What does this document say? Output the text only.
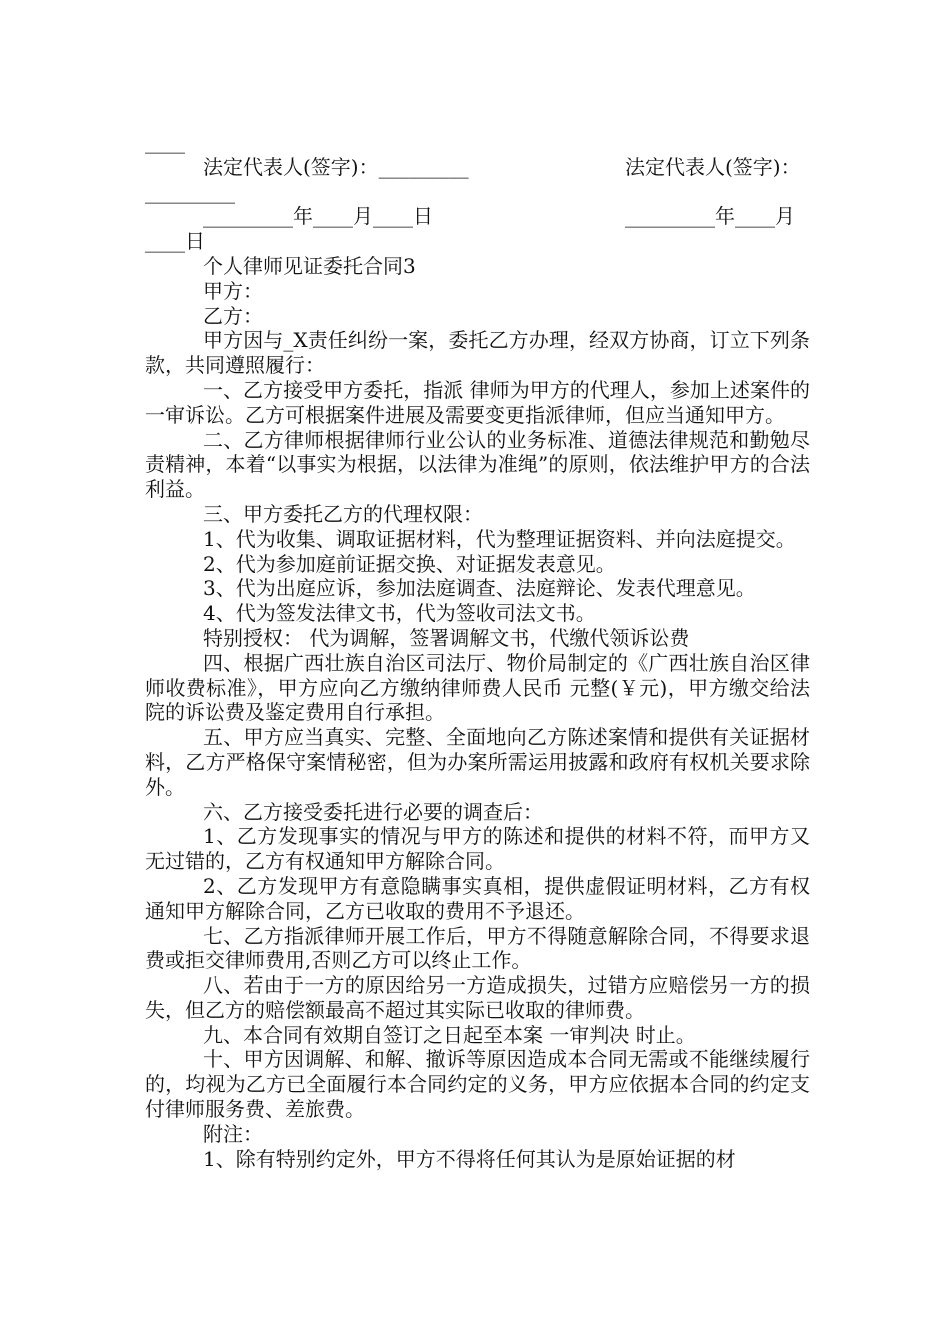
____

法定代表人(签字)：_________

	法定代表人(签字)：

_________

_________年____月____日

	_________年____月

____日
个人律师见证委托合同3
甲方：
乙方：

甲方因与_X责任纠纷一案，委托乙方办理，经双方协商，订立下列条款，共同遵照履行：

一、乙方接受甲方委托，指派 律师为甲方的代理人，参加上述案件的一审诉讼。乙方可根据案件进展及需要变更指派律师，但应当通知甲方。

二、乙方律师根据律师行业公认的业务标准、道德法律规范和勤勉尽责精神，本着“以事实为根据，以法律为准绳”的原则，依法维护甲方的合法利益。

三、甲方委托乙方的代理权限：

1、代为收集、调取证据材料，代为整理证据资料、并向法庭提交。

2、代为参加庭前证据交换、对证据发表意见。

3、代为出庭应诉，参加法庭调查、法庭辩论、发表代理意见。

4、代为签发法律文书，代为签收司法文书。

特别授权： 代为调解，签署调解文书，代缴代领诉讼费

四、根据广西壮族自治区司法厅、物价局制定的《广西壮族自治区律师收费标准》，甲方应向乙方缴纳律师费人民币 元整(￥元)，甲方缴交给法院的诉讼费及鉴定费用自行承担。

五、甲方应当真实、完整、全面地向乙方陈述案情和提供有关证据材料，乙方严格保守案情秘密，但为办案所需运用披露和政府有权机关要求除外。

六、乙方接受委托进行必要的调查后：

1、乙方发现事实的情况与甲方的陈述和提供的材料不符，而甲方又无过错的，乙方有权通知甲方解除合同。

2、乙方发现甲方有意隐瞒事实真相，提供虚假证明材料，乙方有权通知甲方解除合同，乙方已收取的费用不予退还。

七、乙方指派律师开展工作后，甲方不得随意解除合同，不得要求退费或拒交律师费用,否则乙方可以终止工作。

八、若由于一方的原因给另一方造成损失，过错方应赔偿另一方的损失，但乙方的赔偿额最高不超过其实际已收取的律师费。

九、本合同有效期自签订之日起至本案 一审判决 时止。

十、甲方因调解、和解、撤诉等原因造成本合同无需或不能继续履行的，均视为乙方已全面履行本合同约定的义务，甲方应依据本合同的约定支付律师服务费、差旅费。

附注：

1、除有特别约定外，甲方不得将任何其认为是原始证据的材
